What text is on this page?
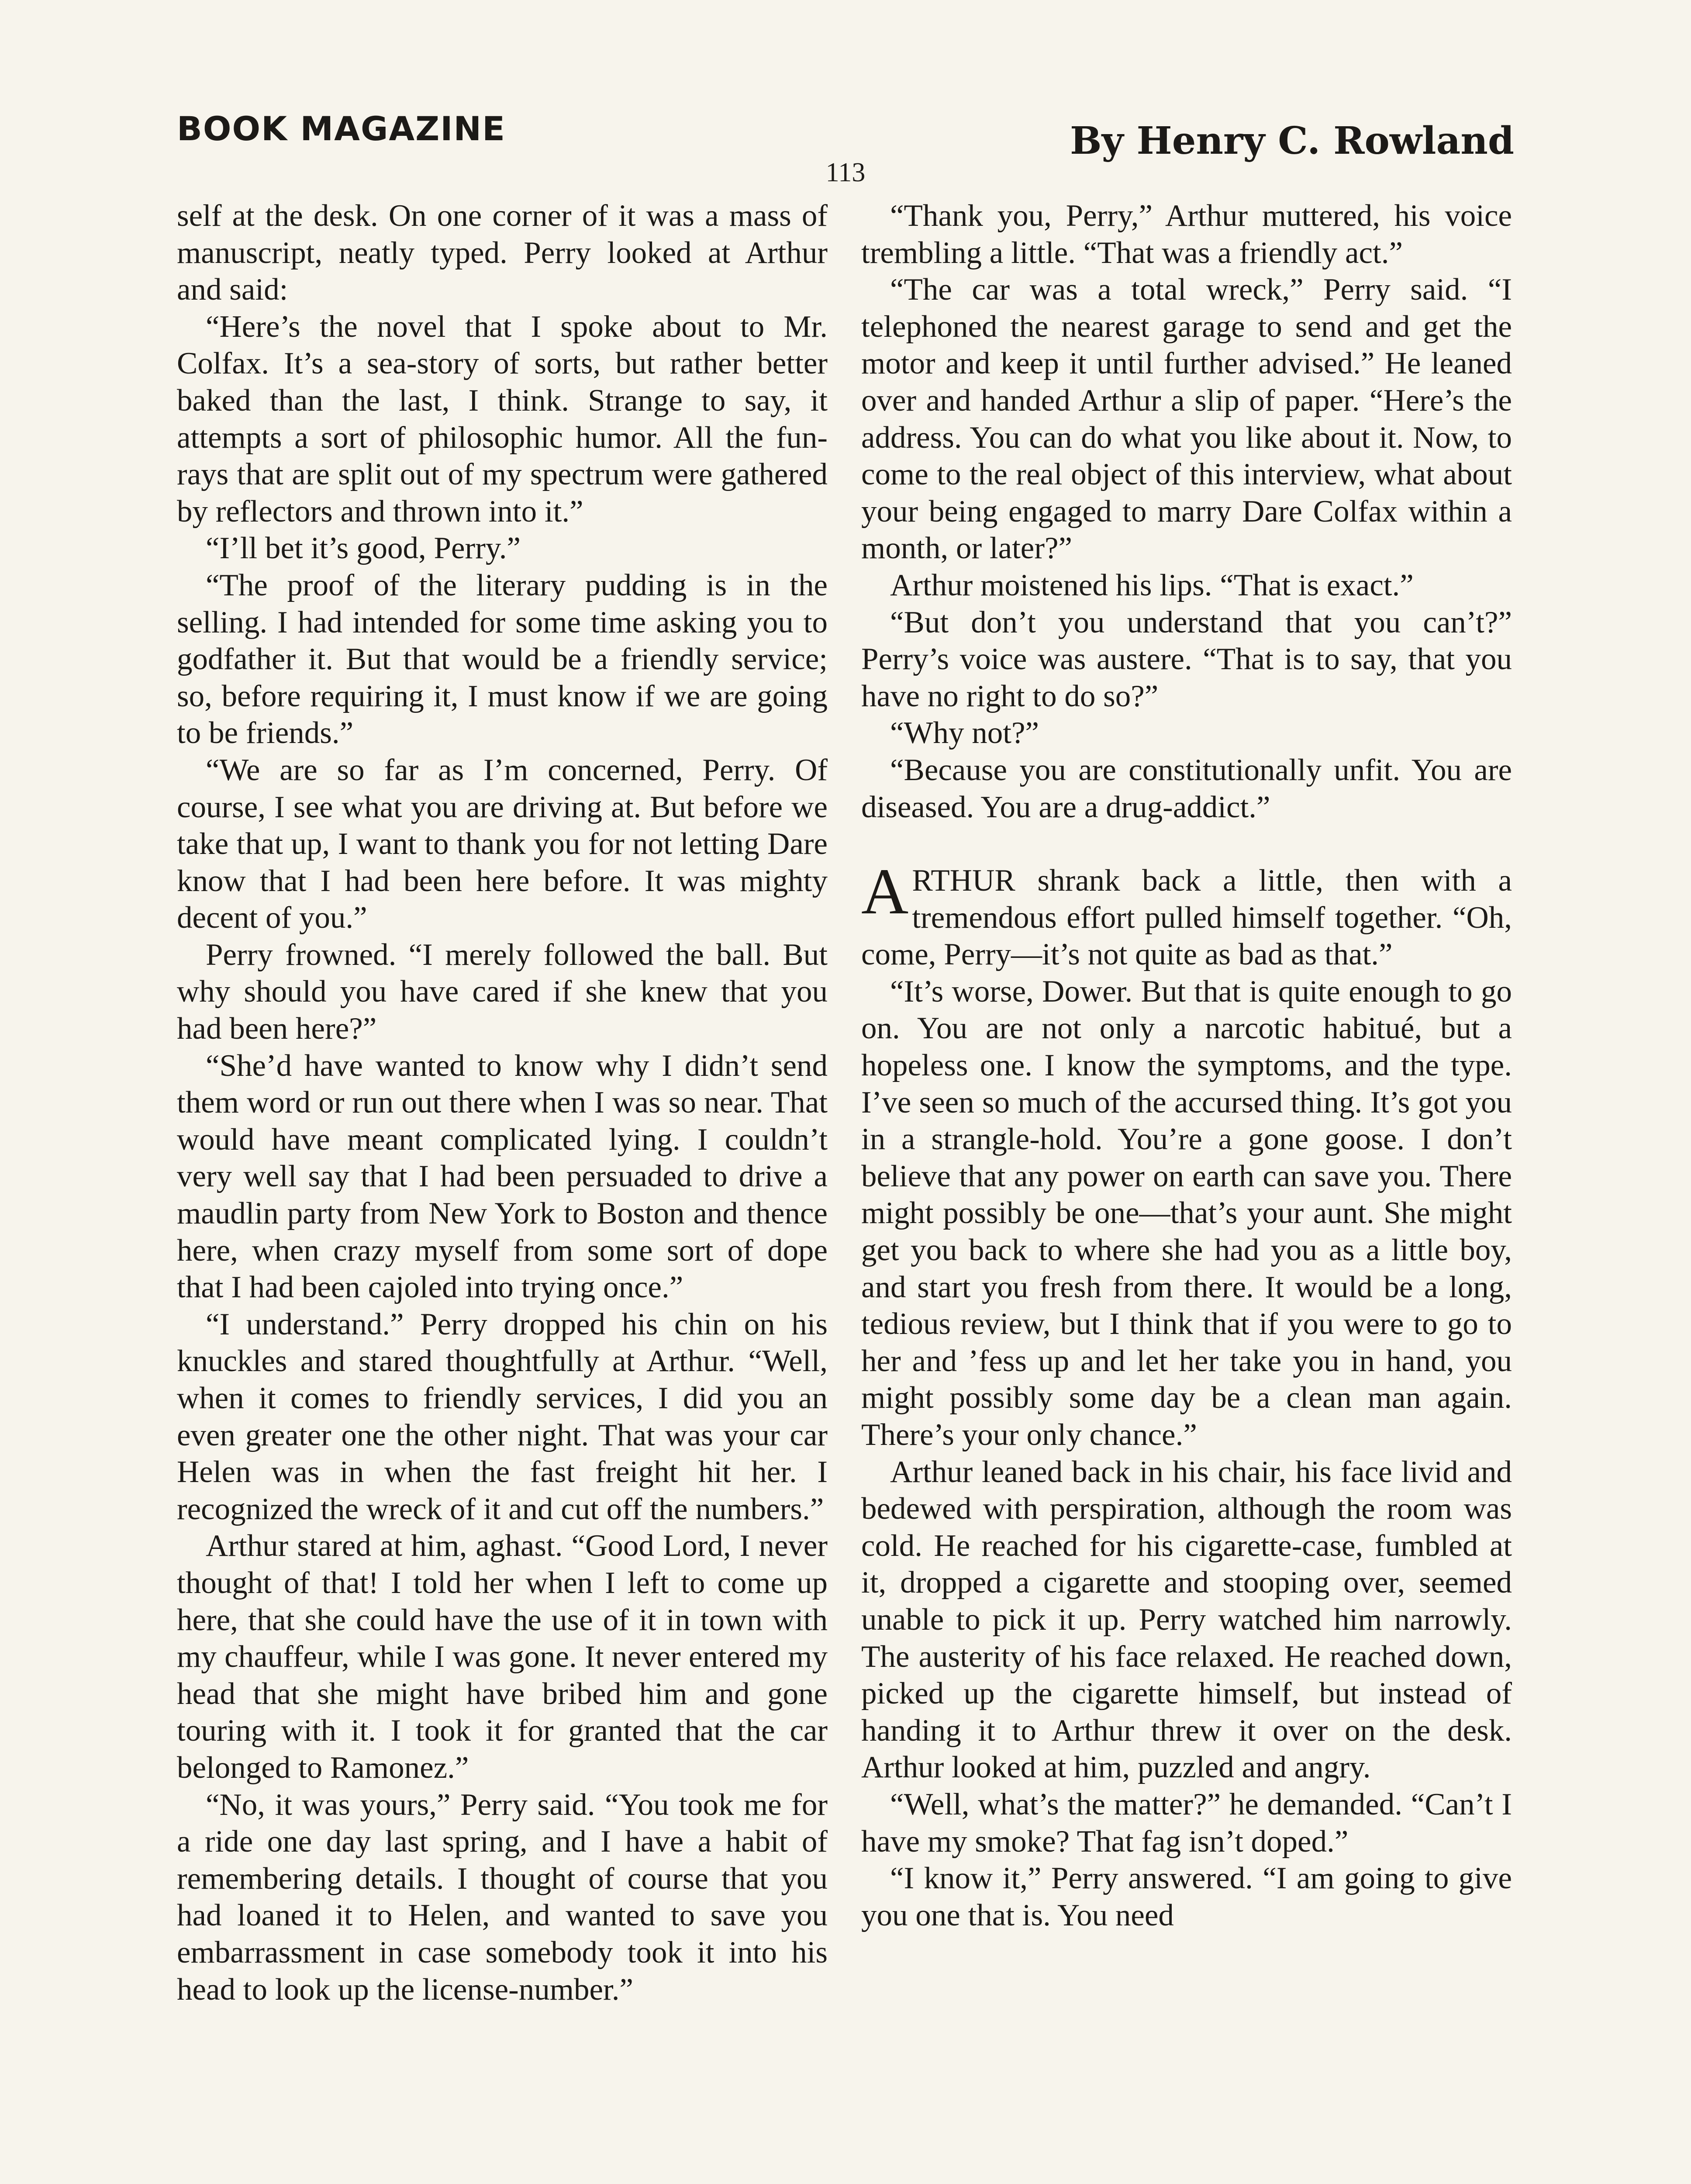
BOOK MAGAZINE	By Henry C. Rowland
113

self at the desk. On one corner of it was a mass of manuscript, neatly typed. Perry looked at Arthur and said:

“Here’s the novel that I spoke about to Mr. Colfax. It’s a sea-story of sorts, but rather better baked than the last, I think. Strange to say, it attempts a sort of philosophic humor. All the fun-rays that are split out of my spectrum were gathered by reflectors and thrown into it.”

“I’ll bet it’s good, Perry.”

“The proof of the literary pudding is in the selling. I had intended for some time asking you to godfather it. But that would be a friendly service; so, before requiring it, I must know if we are going to be friends.”

“We are so far as I’m concerned, Perry. Of course, I see what you are driving at. But before we take that up, I want to thank you for not letting Dare know that I had been here before. It was mighty decent of you.”

Perry frowned. “I merely followed the ball. But why should you have cared if she knew that you had been here?”

“She’d have wanted to know why I didn’t send them word or run out there when I was so near. That would have meant complicated lying. I couldn’t very well say that I had been persuaded to drive a maudlin party from New York to Boston and thence here, when crazy myself from some sort of dope that I had been cajoled into trying once.”

“I understand.” Perry dropped his chin on his knuckles and stared thoughtfully at Arthur. “Well, when it comes to friendly services, I did you an even greater one the other night. That was your car Helen was in when the fast freight hit her. I recognized the wreck of it and cut off the numbers.”

Arthur stared at him, aghast. “Good Lord, I never thought of that! I told her when I left to come up here, that she could have the use of it in town with my chauffeur, while I was gone. It never entered my head that she might have bribed him and gone touring with it. I took it for granted that the car belonged to Ramonez.”

“No, it was yours,” Perry said. “You took me for a ride one day last spring, and I have a habit of remembering details. I thought of course that you had loaned it to Helen, and wanted to save you embarrassment in case somebody took it into his head to look up the license-number.”

“Thank you, Perry,” Arthur muttered, his voice trembling a little. “That was a friendly act.”

“The car was a total wreck,” Perry said. “I telephoned the nearest garage to send and get the motor and keep it until further advised.” He leaned over and handed Arthur a slip of paper. “Here’s the address. You can do what you like about it. Now, to come to the real object of this interview, what about your being engaged to marry Dare Colfax within a month, or later?”

Arthur moistened his lips. “That is exact.”

“But don’t you understand that you can’t?” Perry’s voice was austere. “That is to say, that you have no right to do so?”

“Why not?”

“Because you are constitutionally unfit. You are diseased. You are a drug-addict.”

ARTHUR shrank back a little, then with a tremendous effort pulled himself together. “Oh, come, Perry—it’s not quite as bad as that.”

“It’s worse, Dower. But that is quite enough to go on. You are not only a narcotic habitué, but a hopeless one. I know the symptoms, and the type. I’ve seen so much of the accursed thing. It’s got you in a strangle-hold. You’re a gone goose. I don’t believe that any power on earth can save you. There might possibly be one—that’s your aunt. She might get you back to where she had you as a little boy, and start you fresh from there. It would be a long, tedious review, but I think that if you were to go to her and ’fess up and let her take you in hand, you might possibly some day be a clean man again. There’s your only chance.”

Arthur leaned back in his chair, his face livid and bedewed with perspiration, although the room was cold. He reached for his cigarette-case, fumbled at it, dropped a cigarette and stooping over, seemed unable to pick it up. Perry watched him narrowly. The austerity of his face relaxed. He reached down, picked up the cigarette himself, but instead of handing it to Arthur threw it over on the desk. Arthur looked at him, puzzled and angry.

“Well, what’s the matter?” he demanded. “Can’t I have my smoke? That fag isn’t doped.”

“I know it,” Perry answered. “I am going to give you one that is. You need
